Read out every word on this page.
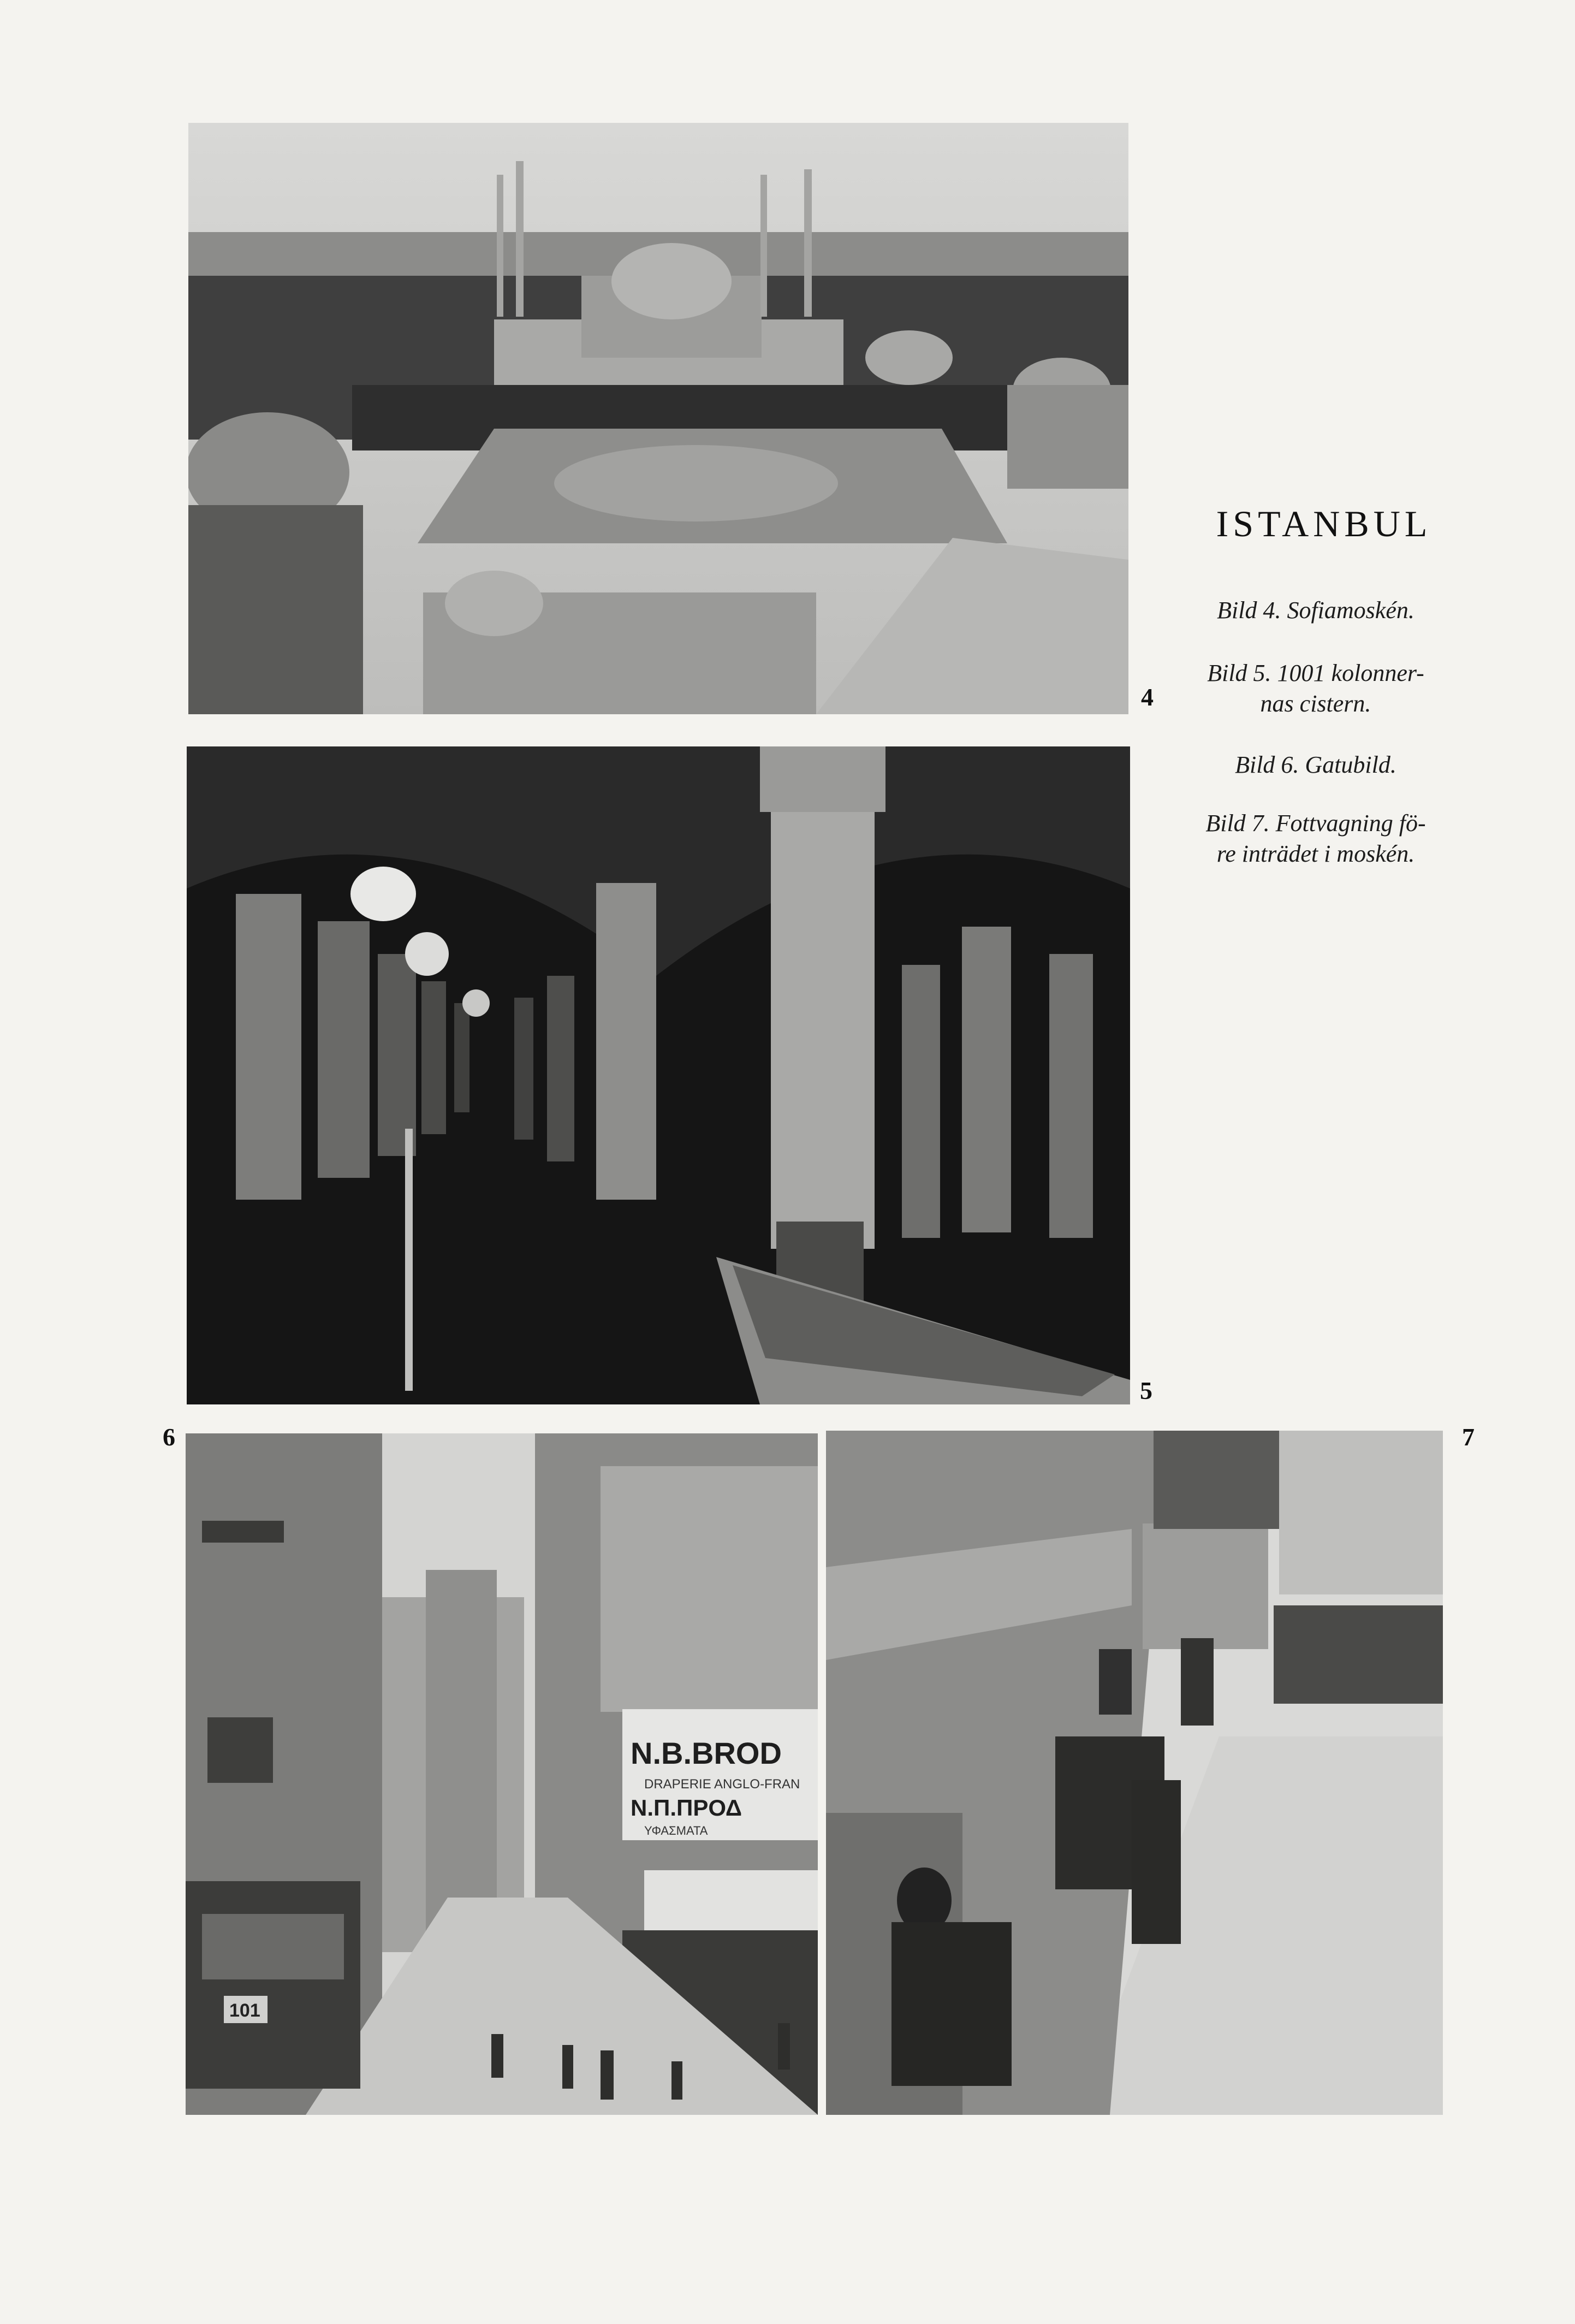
4
ISTANBUL
Bild 4. Sofiamoskén.
Bild 5. 1001 kolonner-
nas cistern.
Bild 6. Gatubild.
Bild 7. Fottvagning fö-
re inträdet i moskén.
5
6
N.B.BROD
DRAPERIE ANGLO-FRAN
N.Π.ΠΡΟΔ
ΥΦΑΣΜΑΤΑ
101
7
